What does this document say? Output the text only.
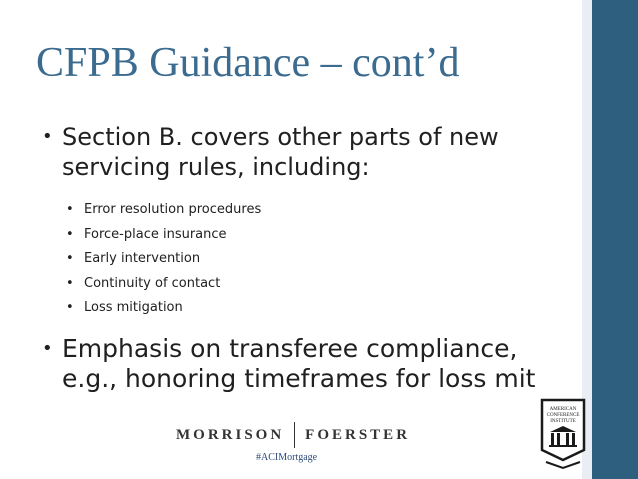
CFPB Guidance – cont’d
• Section B. covers other parts of new
servicing rules, including:
• Error resolution procedures
• Force-place insurance
• Early intervention
• Continuity of contact
• Loss mitigation
• Emphasis on transferee compliance,
e.g., honoring timeframes for loss mit
MORRISON FOERSTER
#ACIMortgage
AMERICAN
CONFERENCE
INSTITUTE
